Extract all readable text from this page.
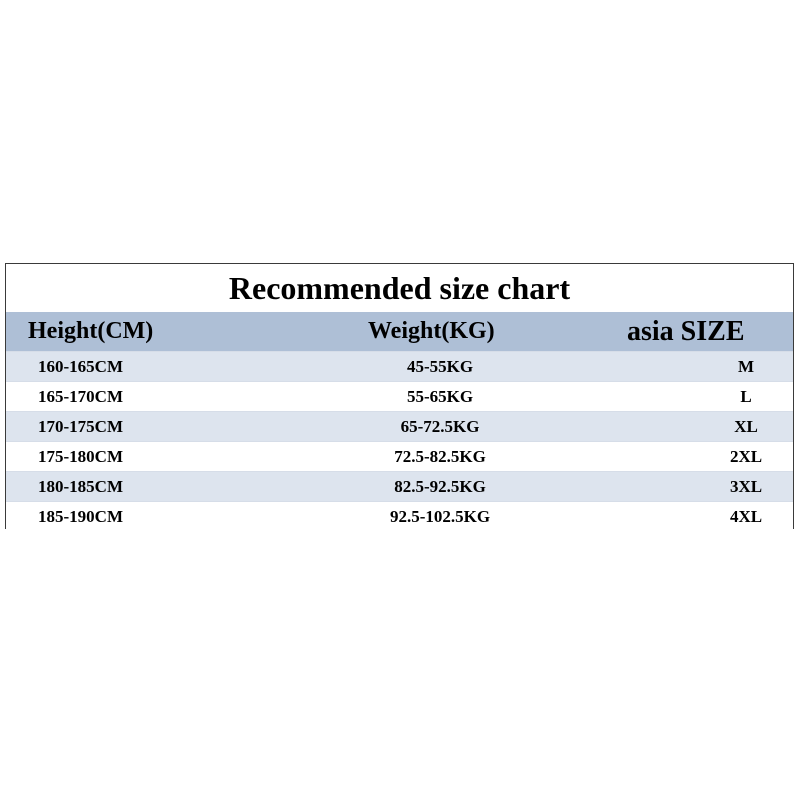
Recommended size chart
Height(CM)	Weight(KG)	asia SIZE
160-165CM	45-55KG	M
165-170CM	55-65KG	L
170-175CM	65-72.5KG	XL
175-180CM	72.5-82.5KG	2XL
180-185CM	82.5-92.5KG	3XL
185-190CM	92.5-102.5KG	4XL
